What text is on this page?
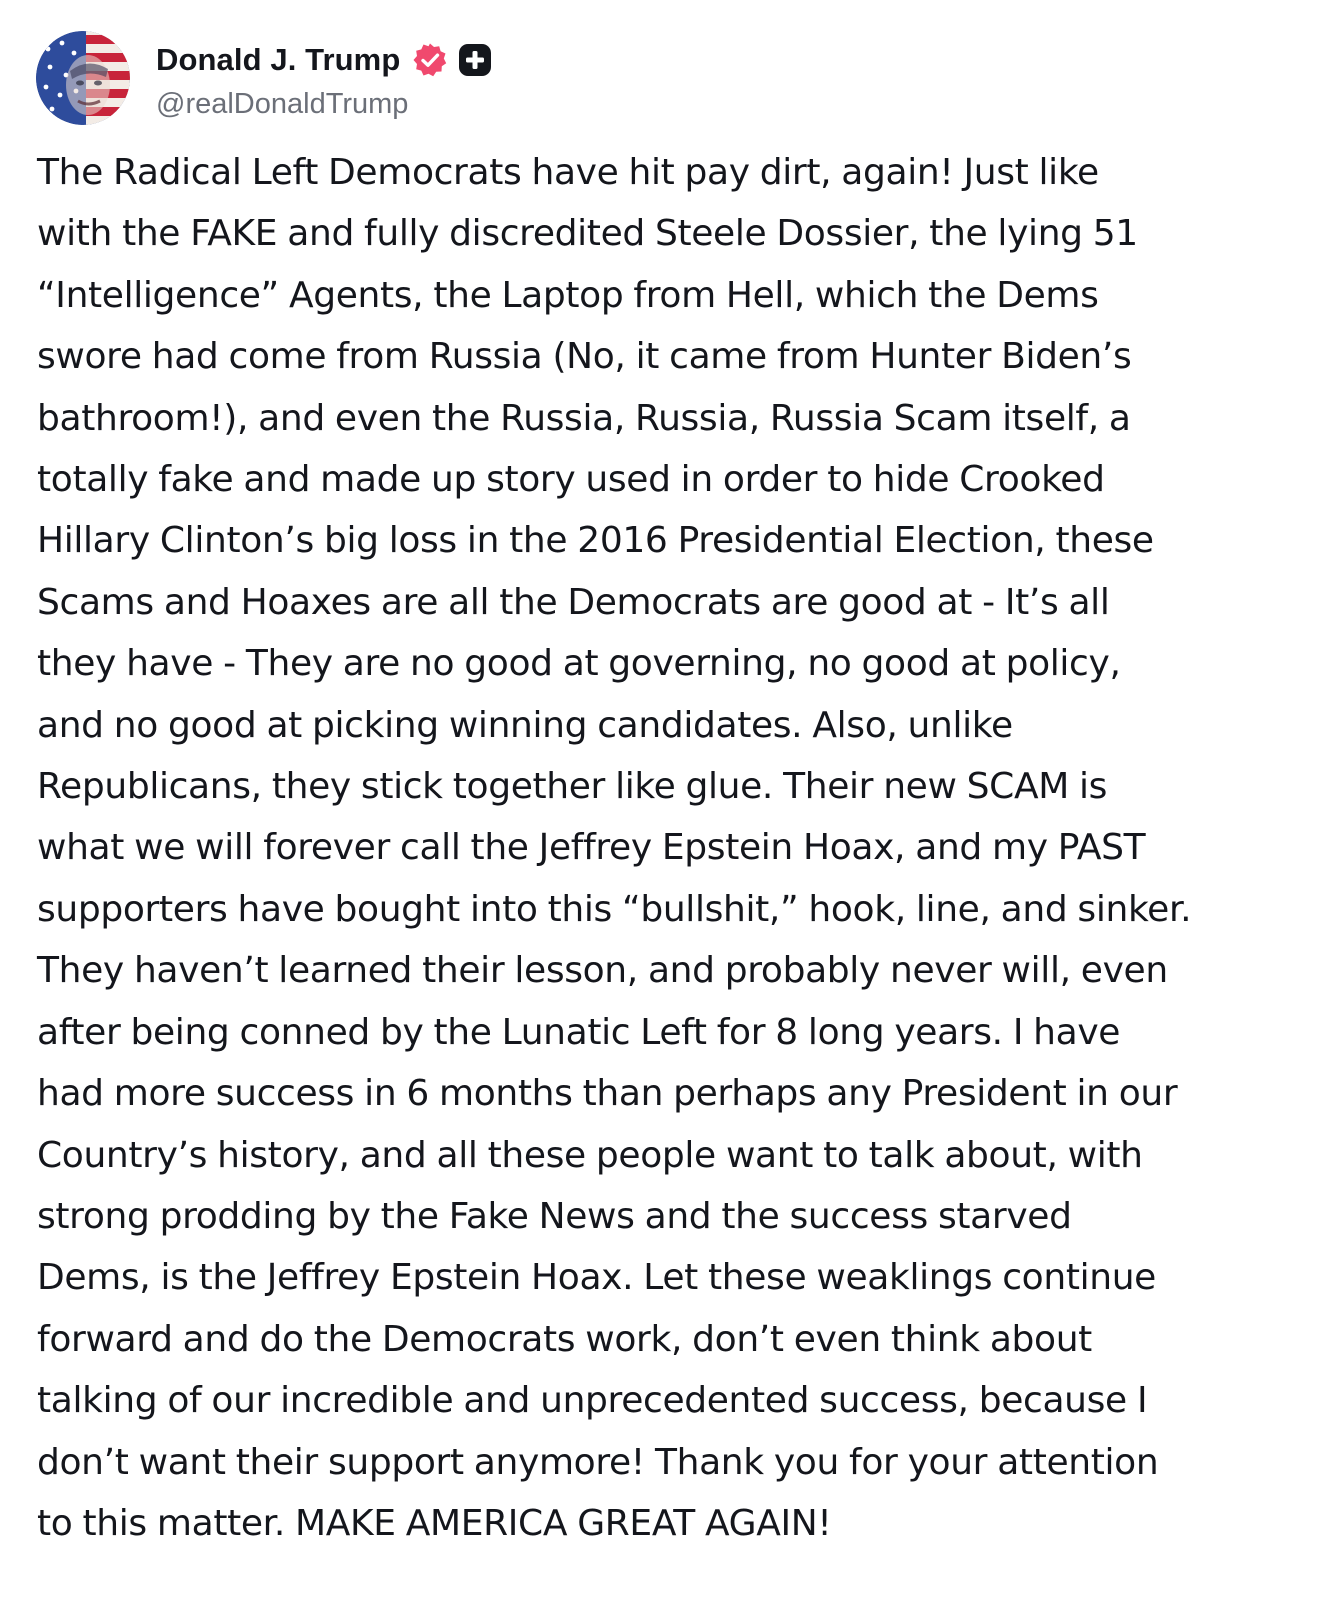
Donald J. Trump
@realDonaldTrump
The Radical Left Democrats have hit pay dirt, again! Just like
with the FAKE and fully discredited Steele Dossier, the lying 51
“Intelligence” Agents, the Laptop from Hell, which the Dems
swore had come from Russia (No, it came from Hunter Biden’s
bathroom!), and even the Russia, Russia, Russia Scam itself, a
totally fake and made up story used in order to hide Crooked
Hillary Clinton’s big loss in the 2016 Presidential Election, these
Scams and Hoaxes are all the Democrats are good at - It’s all
they have - They are no good at governing, no good at policy,
and no good at picking winning candidates. Also, unlike
Republicans, they stick together like glue. Their new SCAM is
what we will forever call the Jeffrey Epstein Hoax, and my PAST
supporters have bought into this “bullshit,” hook, line, and sinker.
They haven’t learned their lesson, and probably never will, even
after being conned by the Lunatic Left for 8 long years. I have
had more success in 6 months than perhaps any President in our
Country’s history, and all these people want to talk about, with
strong prodding by the Fake News and the success starved
Dems, is the Jeffrey Epstein Hoax. Let these weaklings continue
forward and do the Democrats work, don’t even think about
talking of our incredible and unprecedented success, because I
don’t want their support anymore! Thank you for your attention
to this matter. MAKE AMERICA GREAT AGAIN!
